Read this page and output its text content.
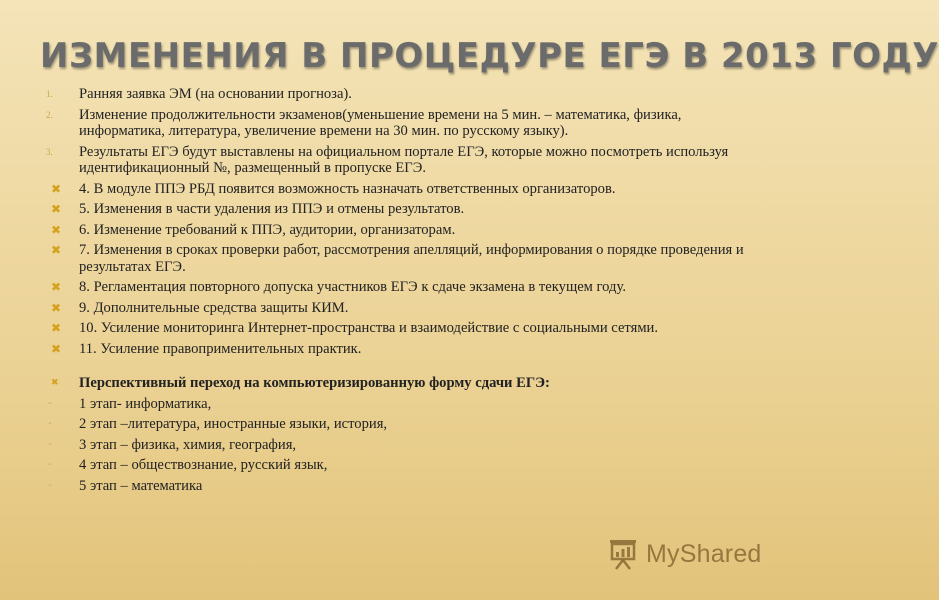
ИЗМЕНЕНИЯ В ПРОЦЕДУРЕ ЕГЭ В 2013 ГОДУ
1.	Ранняя заявка ЭМ (на основании прогноза).
2.	Изменение продолжительности экзаменов(уменьшение времени на 5 мин. – математика, физика, информатика, литература, увеличение времени на 30 мин. по русскому языку).
3.	Результаты ЕГЭ будут выставлены на официальном портале ЕГЭ, которые можно посмотреть используя идентификационный №, размещенный в пропуске ЕГЭ.
✖	4. В модуле ППЭ РБД появится возможность назначать ответственных организаторов.
✖	5. Изменения в части удаления из ППЭ и отмены результатов.
✖	6. Изменение требований к ППЭ, аудитории, организаторам.
✖	7. Изменения в сроках проверки работ, рассмотрения апелляций, информирования о порядке проведения и результатах ЕГЭ.
✖	8. Регламентация повторного допуска участников ЕГЭ к сдаче экзамена в текущем году.
✖	9. Дополнительные средства защиты КИМ.
✖	10. Усиление мониторинга Интернет-пространства и взаимодействие с социальными сетями.
✖	11. Усиление правоприменительных практик.
✖	Перспективный переход на компьютеризированную форму сдачи ЕГЭ:
-	1 этап- информатика,
-	2 этап –литература, иностранные языки, история,
-	3 этап – физика, химия, география,
-	4 этап – обществознание, русский язык,
-	5 этап – математика
MyShared
